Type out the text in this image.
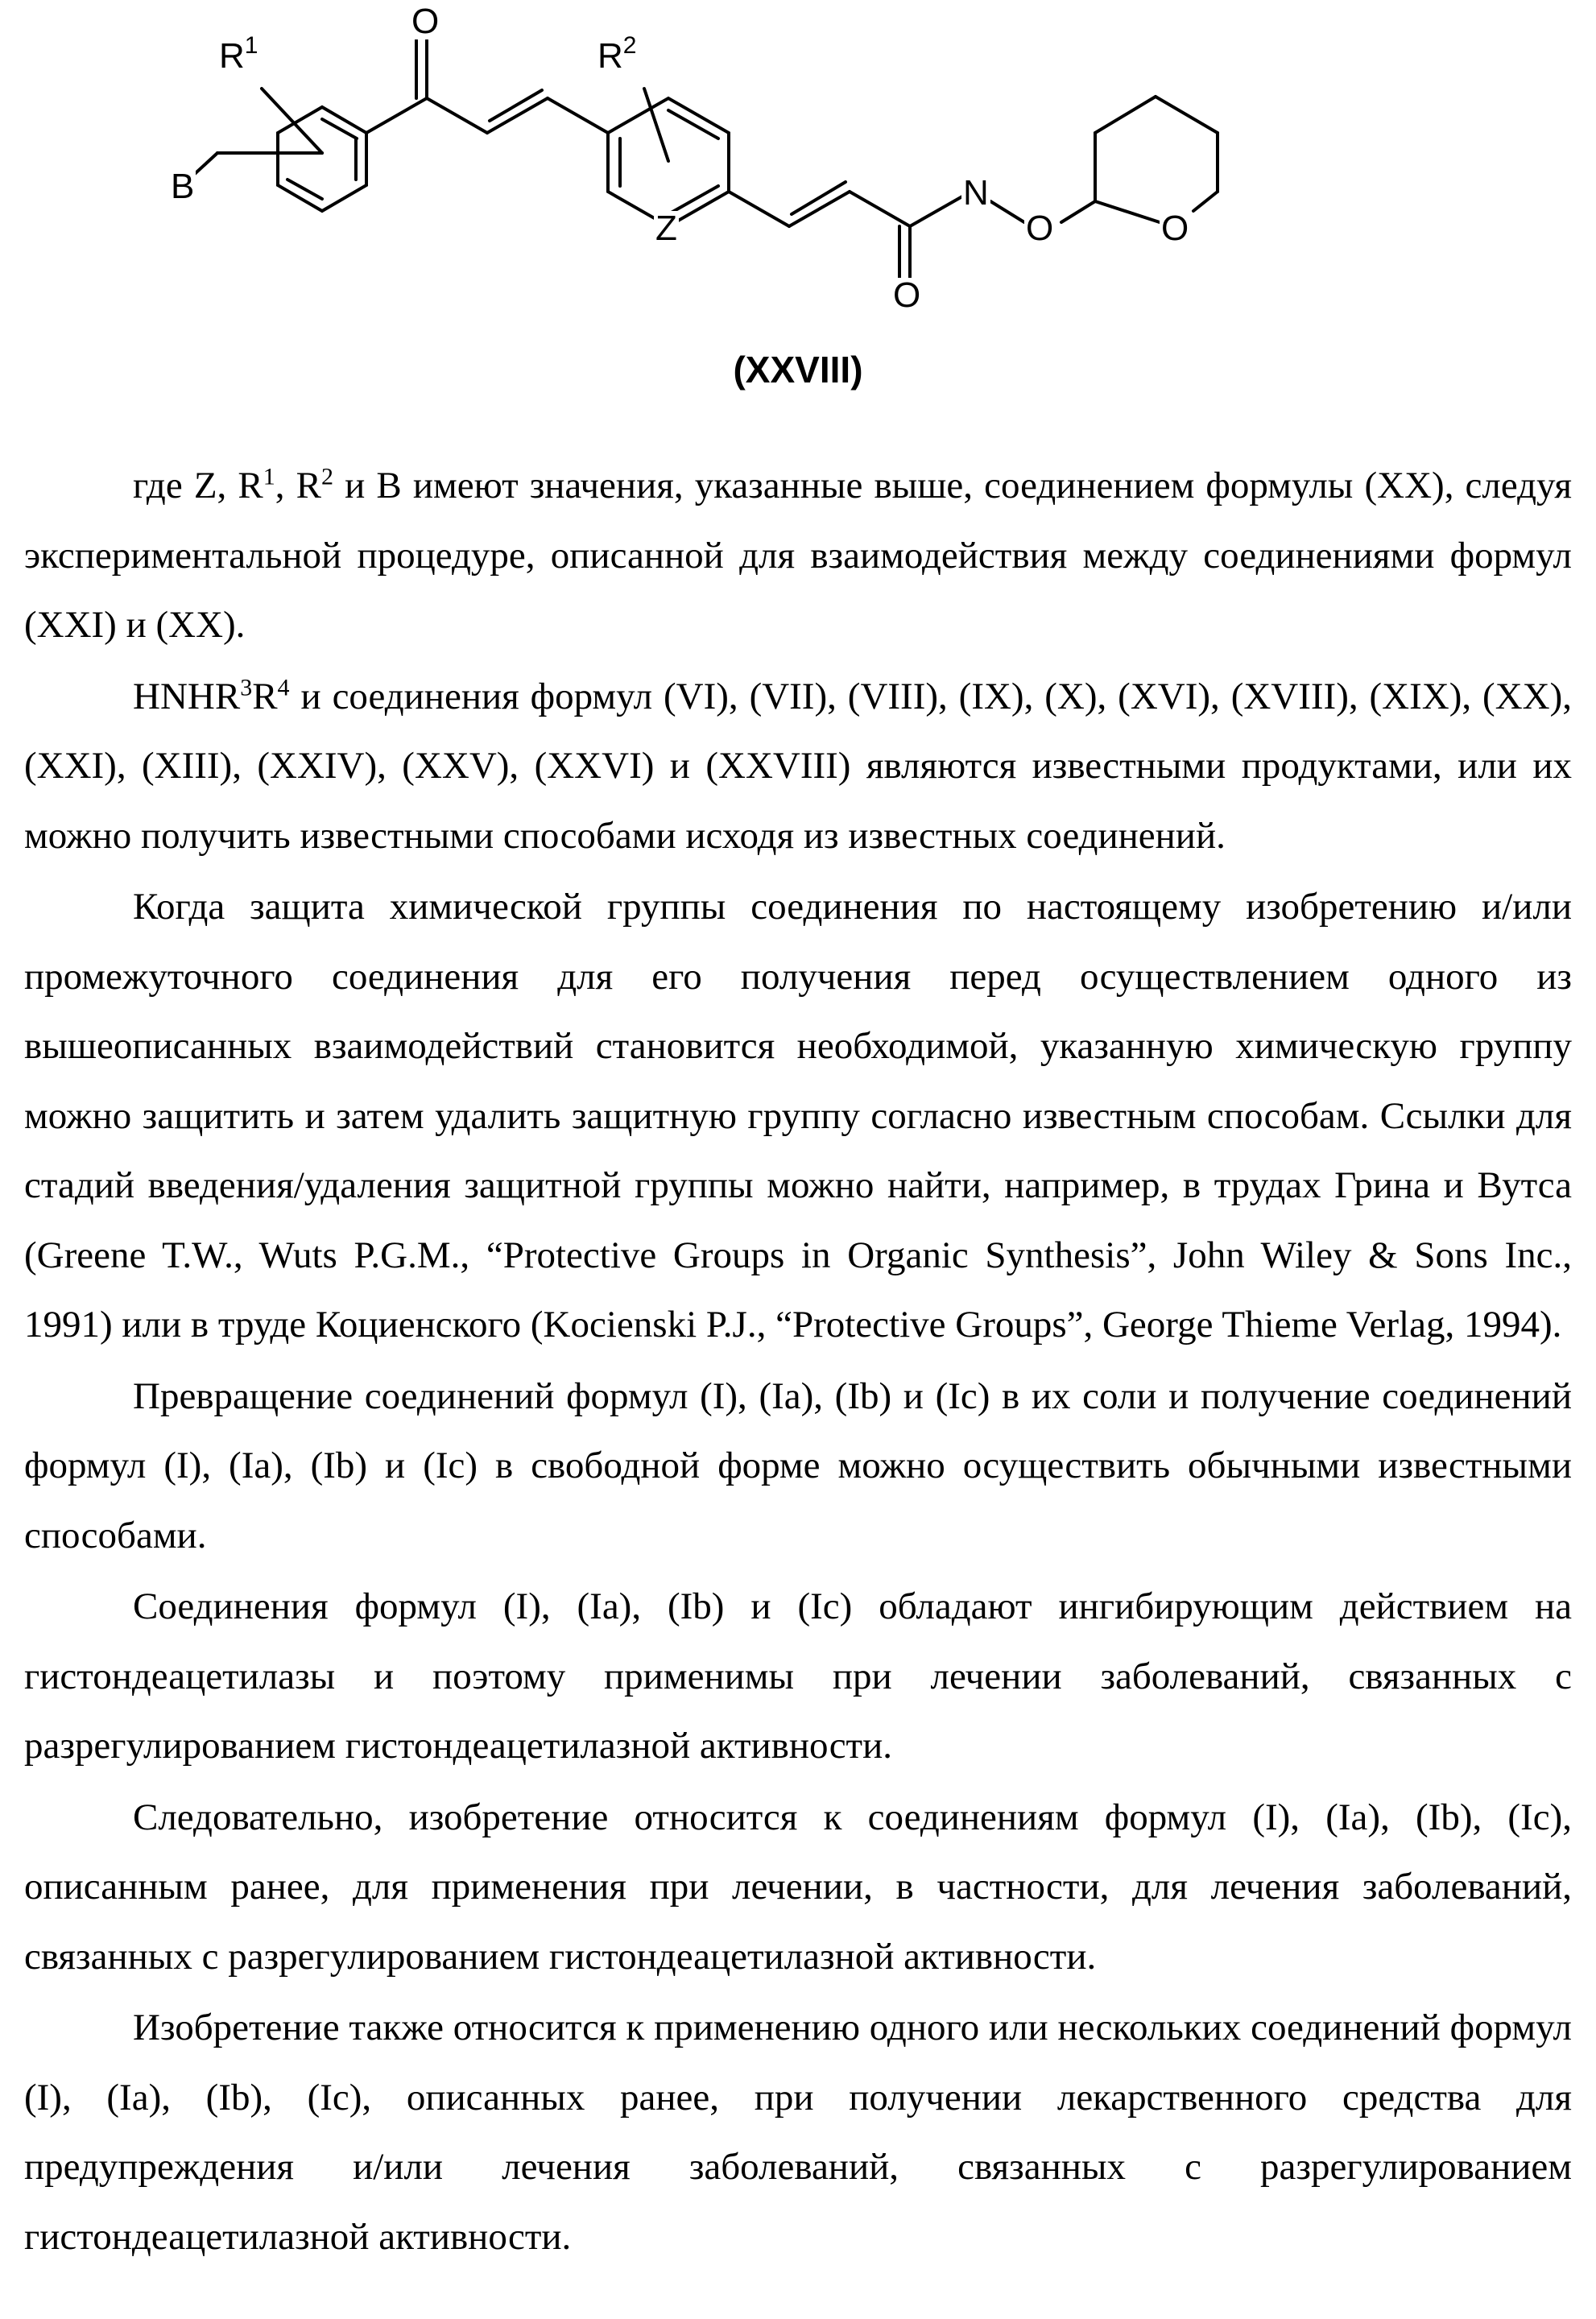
R1
B
O
R2
Z
O
N
O	O
(XXVIII)

где Z, R1, R2 и B имеют значения, указанные выше, соединением формулы (XX), следуя экспериментальной процедуре, описанной для взаимодействия между соединениями формул (XXI) и (XX).

HNHR3R4 и соединения формул (VI), (VII), (VIII), (IX), (X), (XVI), (XVIII), (XIX), (XX), (XXI), (XIII), (XXIV), (XXV), (XXVI) и (XXVIII) являются известными продуктами, или их можно получить известными способами исходя из известных соединений.

Когда защита химической группы соединения по настоящему изобретению и/или промежуточного соединения для его получения перед осуществлением одного из вышеописанных взаимодействий становится необходимой, указанную химическую группу можно защитить и затем удалить защитную группу согласно известным способам. Ссылки для стадий введения/удаления защитной группы можно найти, например, в трудах Грина и Вутса (Greene T.W., Wuts P.G.M., “Protective Groups in Organic Synthesis”, John Wiley & Sons Inc., 1991) или в труде Коциенского (Kocienski P.J., “Protective Groups”, George Thieme Verlag, 1994).

Превращение соединений формул (I), (Ia), (Ib) и (Ic) в их соли и получение соединений формул (I), (Ia), (Ib) и (Ic) в свободной форме можно осуществить обычными известными способами.

Соединения формул (I), (Ia), (Ib) и (Ic) обладают ингибирующим действием на гистондеацетилазы и поэтому применимы при лечении заболеваний, связанных с разрегулированием гистондеацетилазной активности.

Следовательно, изобретение относится к соединениям формул (I), (Ia), (Ib), (Ic), описанным ранее, для применения при лечении, в частности, для лечения заболеваний, связанных с разрегулированием гистондеацетилазной активности.

Изобретение также относится к применению одного или нескольких соединений формул (I), (Ia), (Ib), (Ic), описанных ранее, при получении лекарственного средства для предупреждения и/или лечения заболеваний, связанных с разрегулированием гистондеацетилазной активности.
